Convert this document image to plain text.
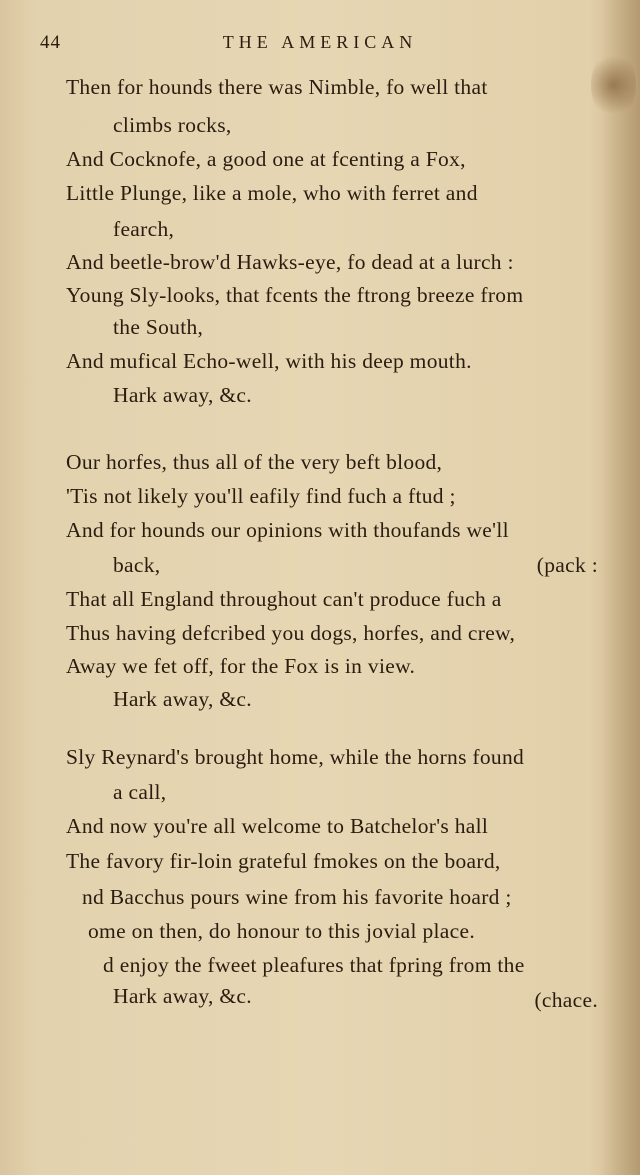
44	THE AMERICAN
Then for hounds there was Nimble, fo well that
climbs rocks,
And Cocknofe, a good one at fcenting a Fox,
Little Plunge, like a mole, who with ferret and
fearch,
And beetle-brow'd Hawks-eye, fo dead at a lurch :
Young Sly-looks, that fcents the ftrong breeze from
the South,
And mufical Echo-well, with his deep mouth.
Hark away, &c.
Our horfes, thus all of the very beft blood,
'Tis not likely you'll eafily find fuch a ftud ;
And for hounds our opinions with thoufands we'll
back,	(pack :
That all England throughout can't produce fuch a
Thus having defcribed you dogs, horfes, and crew,
Away we fet off, for the Fox is in view.
Hark away, &c.
Sly Reynard's brought home, while the horns found
a call,
And now you're all welcome to Batchelor's hall
The favory fir-loin grateful fmokes on the board,
nd Bacchus pours wine from his favorite hoard ;
ome on then, do honour to this jovial place.
d enjoy the fweet pleafures that fpring from the
Hark away, &c.	(chace.
